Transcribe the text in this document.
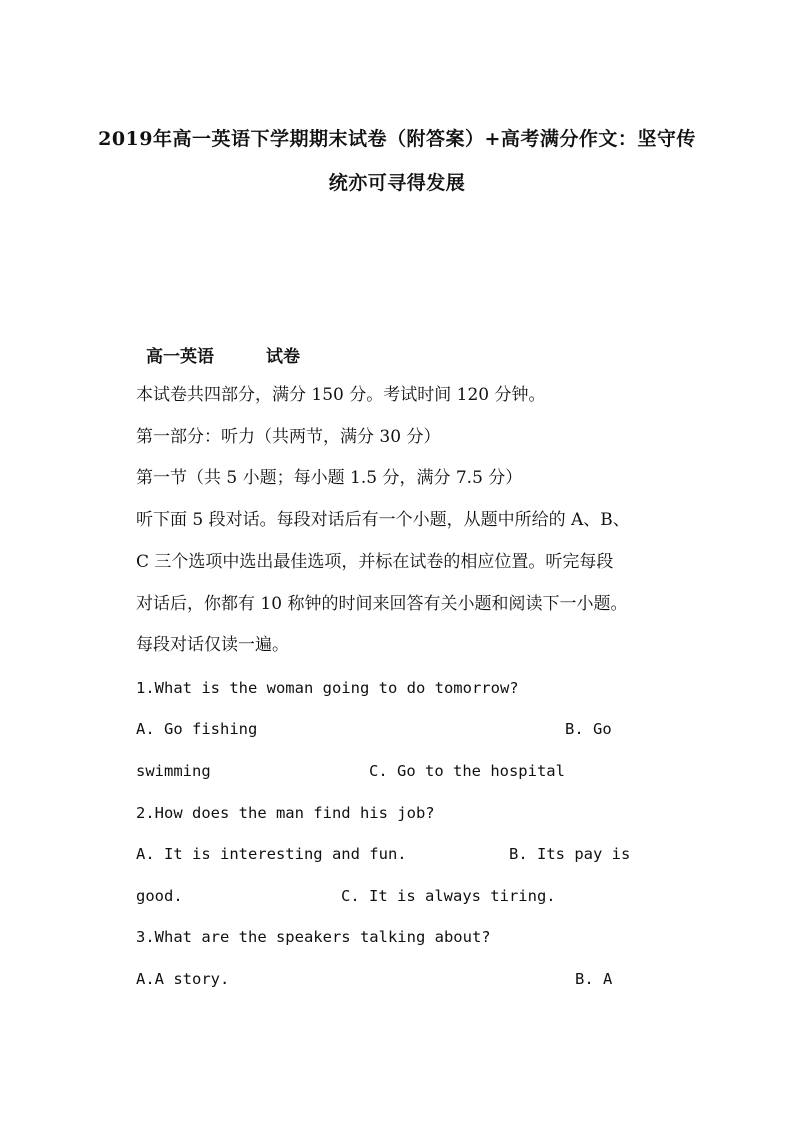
2019年高一英语下学期期末试卷（附答案）+高考满分作文：坚守传
统亦可寻得发展
高一英语	试卷
本试卷共四部分，满分 150 分。考试时间 120 分钟。
第一部分：听力（共两节，满分 30 分）
第一节（共 5 小题；每小题 1.5 分，满分 7.5 分）
听下面 5 段对话。每段对话后有一个小题，从题中所给的 A、B、
C 三个选项中选出最佳选项，并标在试卷的相应位置。听完每段
对话后，你都有 10 称钟的时间来回答有关小题和阅读下一小题。
每段对话仅读一遍。
1.What is the woman going to do tomorrow?
A. Go fishing	B. Go
swimming	C. Go to the hospital
2.How does the man find his job?
A. It is interesting and fun.	B. Its pay is
good.	C. It is always tiring.
3.What are the speakers talking about?
A.A story.	B. A
